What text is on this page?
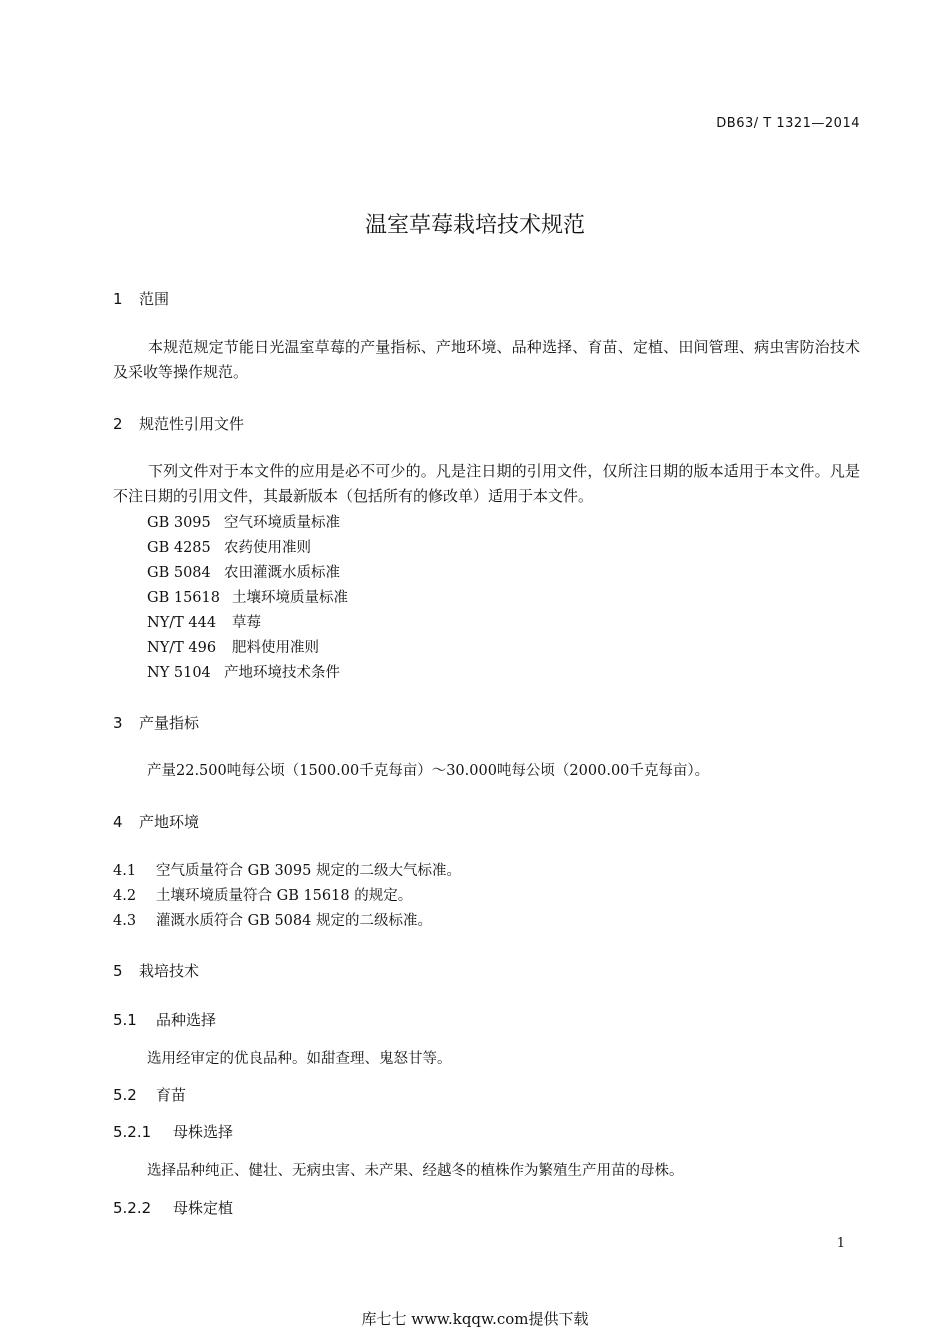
DB63/ T 1321—2014
温室草莓栽培技术规范
1 范围
本规范规定节能日光温室草莓的产量指标、产地环境、品种选择、育苗、定植、田间管理、病虫害防治技术及采收等操作规范。
2 规范性引用文件
下列文件对于本文件的应用是必不可少的。凡是注日期的引用文件，仅所注日期的版本适用于本文件。凡是不注日期的引用文件，其最新版本（包括所有的修改单）适用于本文件。
GB 3095 空气环境质量标准
GB 4285 农药使用准则
GB 5084 农田灌溉水质标准
GB 15618 土壤环境质量标准
NY/T 444 草莓
NY/T 496 肥料使用准则
NY 5104 产地环境技术条件
3 产量指标
产量22.500吨每公顷（1500.00千克每亩）～30.000吨每公顷（2000.00千克每亩）。
4 产地环境
4.1 空气质量符合 GB 3095 规定的二级大气标准。
4.2 土壤环境质量符合 GB 15618 的规定。
4.3 灌溉水质符合 GB 5084 规定的二级标准。
5 栽培技术
5.1 品种选择
选用经审定的优良品种。如甜查理、鬼怒甘等。
5.2 育苗
5.2.1 母株选择
选择品种纯正、健壮、无病虫害、未产果、经越冬的植株作为繁殖生产用苗的母株。
5.2.2 母株定植
1
库七七 www.kqqw.com提供下载
